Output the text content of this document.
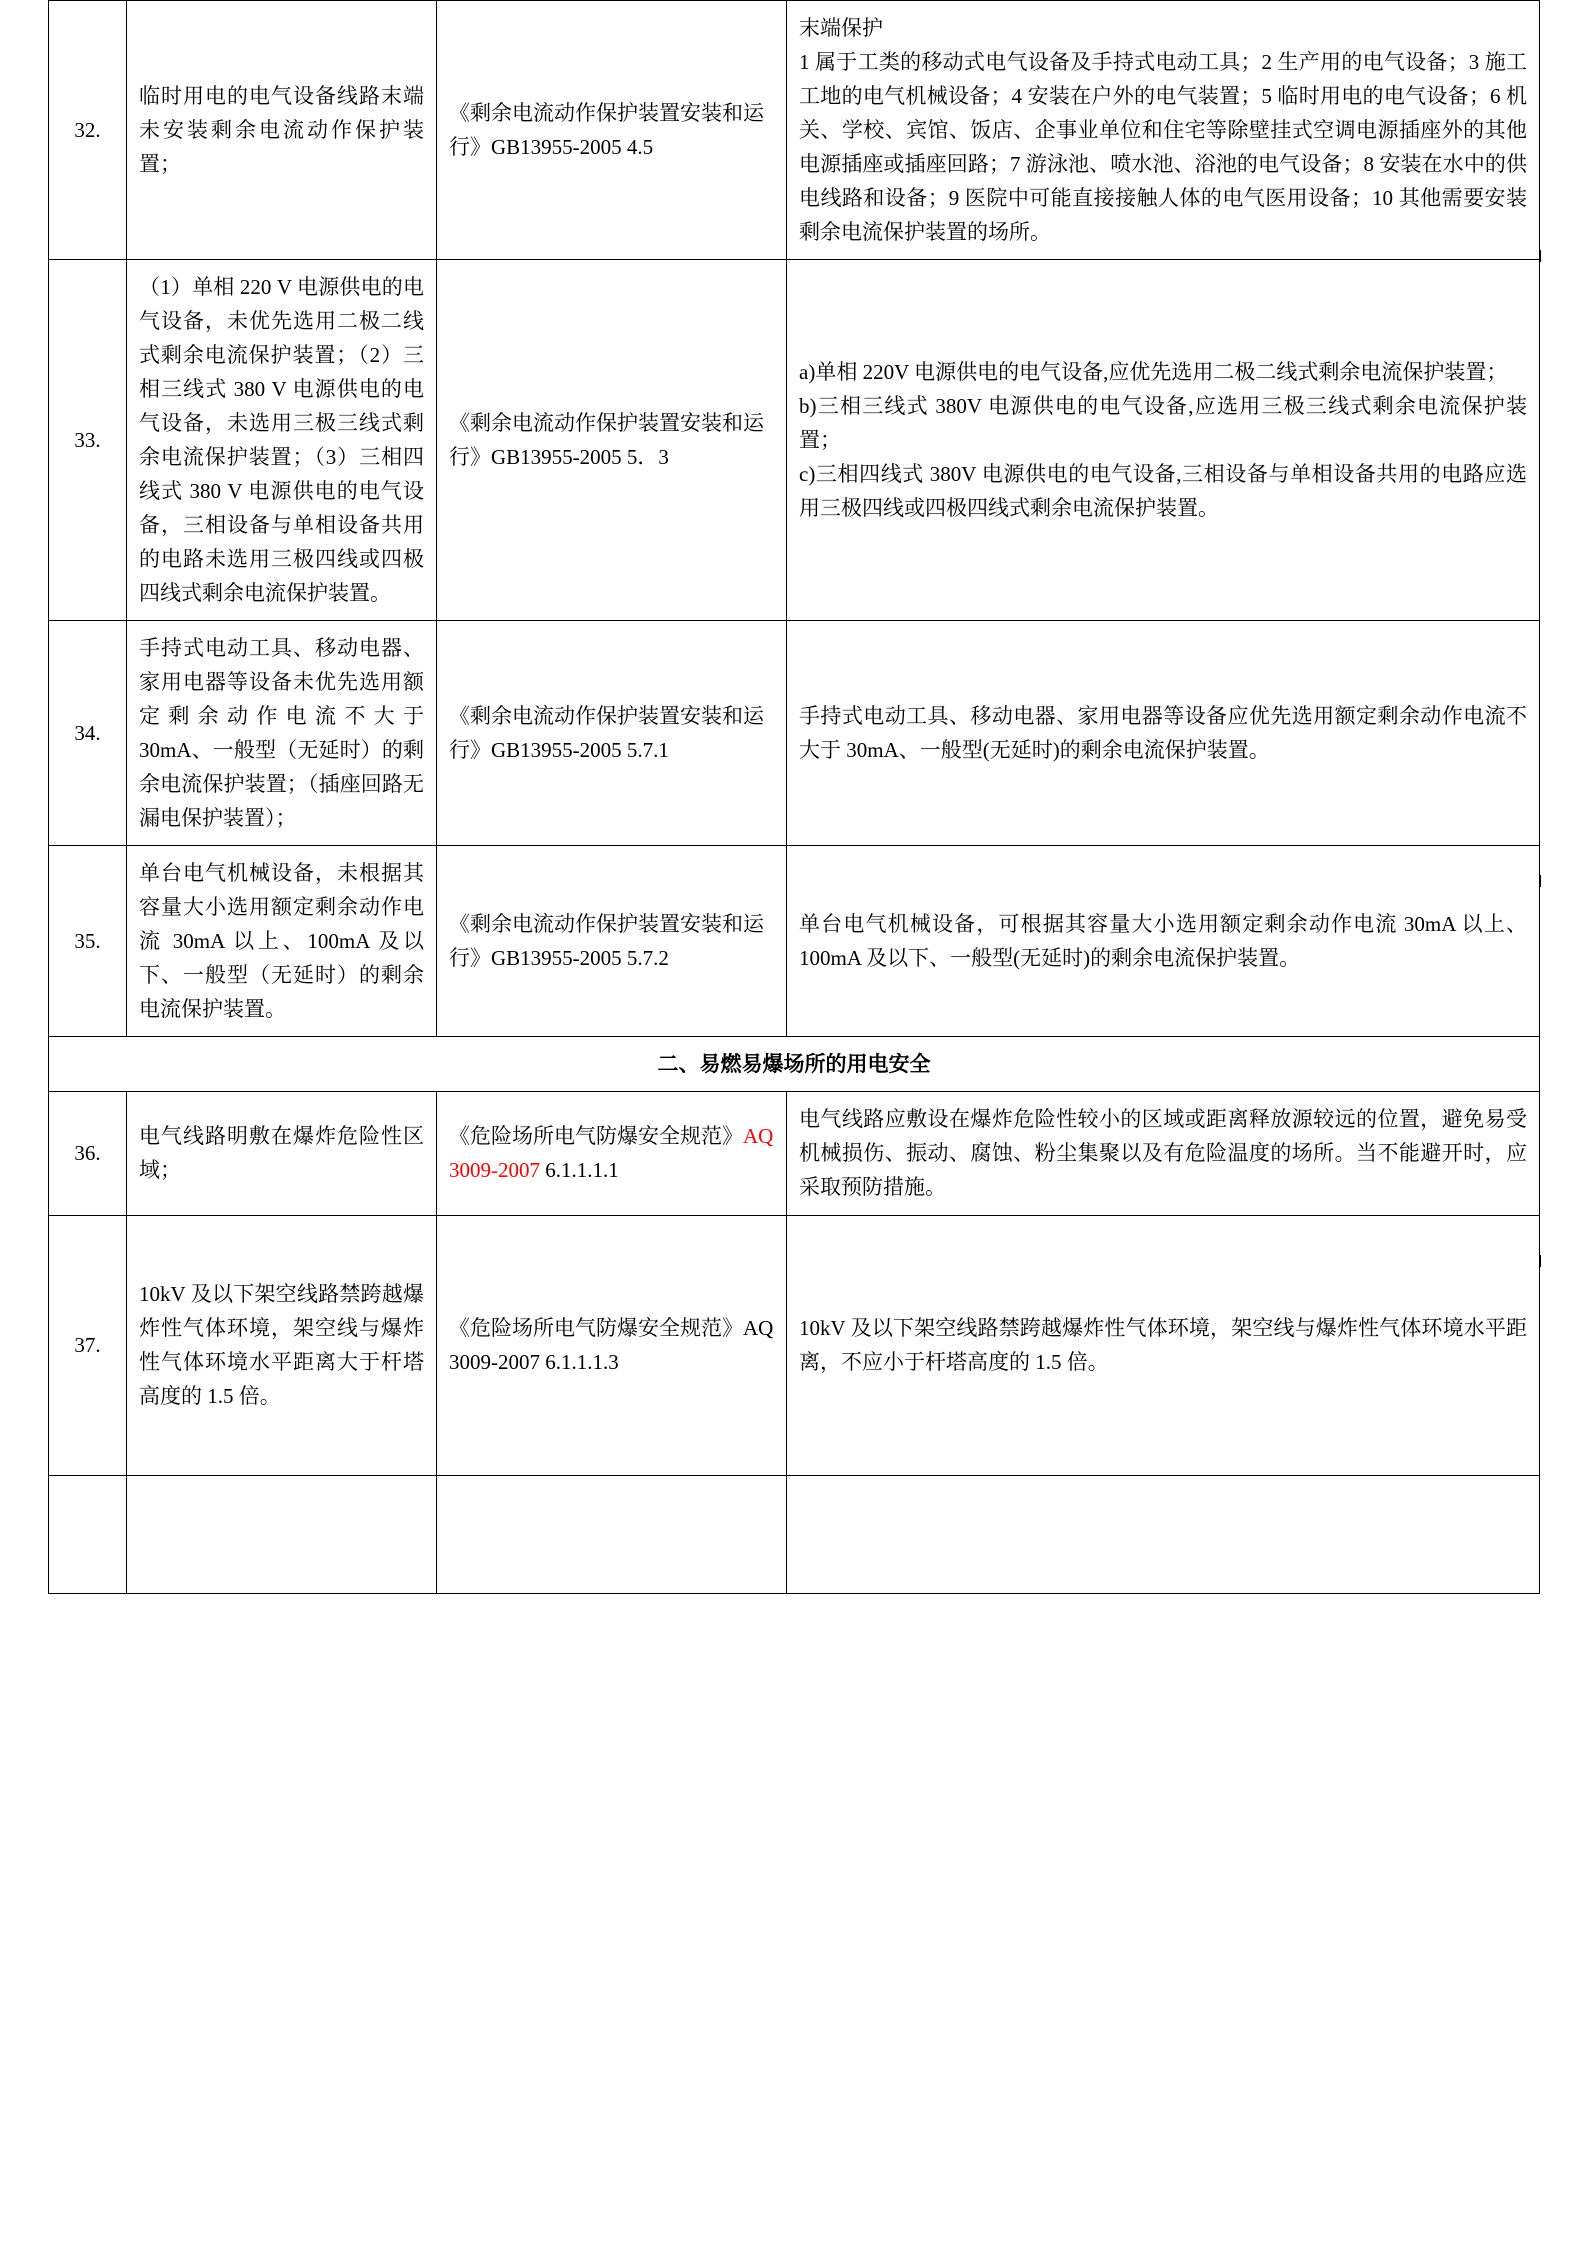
32.	临时用电的电气设备线路末端未安装剩余电流动作保护装置；	《剩余电流动作保护装置安装和运行》GB13955-2005 4.5	末端保护

1 属于工类的移动式电气设备及手持式电动工具；2 生产用的电气设备；3 施工工地的电气机械设备；4 安装在户外的电气装置；5 临时用电的电气设备；6 机关、学校、宾馆、饭店、企事业单位和住宅等除壁挂式空调电源插座外的其他电源插座或插座回路；7 游泳池、喷水池、浴池的电气设备；8 安装在水中的供电线路和设备；9 医院中可能直接接触人体的电气医用设备；10 其他需要安装剩余电流保护装置的场所。

33.	（1）单相 220 V 电源供电的电气设备，未优先选用二极二线式剩余电流保护装置；（2）三相三线式 380 V 电源供电的电气设备，未选用三极三线式剩余电流保护装置；（3）三相四线式 380 V 电源供电的电气设备，三相设备与单相设备共用的电路未选用三极四线或四极四线式剩余电流保护装置。	《剩余电流动作保护装置安装和运行》GB13955-2005 5．3	a)单相 220V 电源供电的电气设备,应优先选用二极二线式剩余电流保护装置；

b)三相三线式 380V 电源供电的电气设备,应选用三极三线式剩余电流保护装置；

c)三相四线式 380V 电源供电的电气设备,三相设备与单相设备共用的电路应选用三极四线或四极四线式剩余电流保护装置。

34.	手持式电动工具、移动电器、家用电器等设备未优先选用额定剩余动作电流不大于 30mA、一般型（无延时）的剩余电流保护装置；（插座回路无漏电保护装置）；	《剩余电流动作保护装置安装和运行》GB13955-2005 5.7.1	手持式电动工具、移动电器、家用电器等设备应优先选用额定剩余动作电流不大于 30mA、一般型(无延时)的剩余电流保护装置。

35.	单台电气机械设备，未根据其容量大小选用额定剩余动作电流 30mA 以上、100mA 及以下、一般型（无延时）的剩余电流保护装置。	《剩余电流动作保护装置安装和运行》GB13955-2005 5.7.2	单台电气机械设备，可根据其容量大小选用额定剩余动作电流 30mA 以上、100mA 及以下、一般型(无延时)的剩余电流保护装置。

二、易燃易爆场所的用电安全			
36.	电气线路明敷在爆炸危险性区域；	《危险场所电气防爆安全规范》AQ 3009-2007 6.1.1.1.1	电气线路应敷设在爆炸危险性较小的区域或距离释放源较远的位置，避免易受机械损伤、振动、腐蚀、粉尘集聚以及有危险温度的场所。当不能避开时，应采取预防措施。

37.	10kV 及以下架空线路禁跨越爆炸性气体环境，架空线与爆炸性气体环境水平距离大于杆塔高度的 1.5 倍。	《危险场所电气防爆安全规范》AQ 3009-2007 6.1.1.1.3	10kV 及以下架空线路禁跨越爆炸性气体环境，架空线与爆炸性气体环境水平距离，不应小于杆塔高度的 1.5 倍。
